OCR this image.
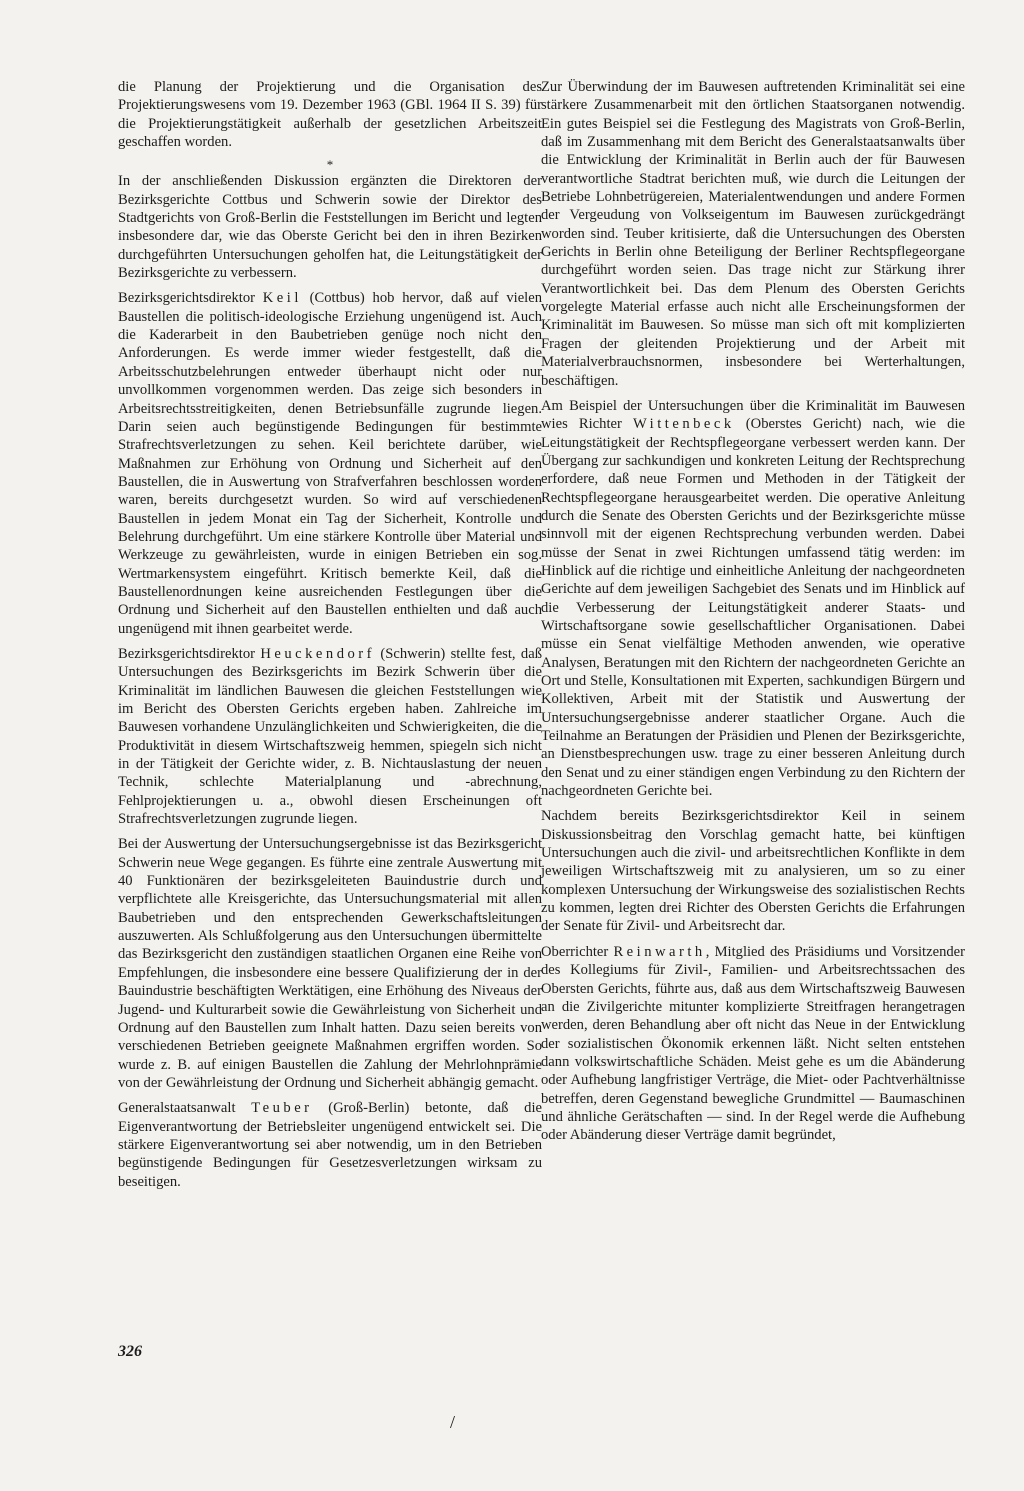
die Planung der Projektierung und die Organisation des Projektierungswesens vom 19. Dezember 1963 (GBl. 1964 II S. 39) für die Projektierungstätigkeit außerhalb der gesetzlichen Arbeitszeit geschaffen worden.

*

In der anschließenden Diskussion ergänzten die Direktoren der Bezirksgerichte Cottbus und Schwerin sowie der Direktor des Stadtgerichts von Groß-Berlin die Feststellungen im Bericht und legten insbesondere dar, wie das Oberste Gericht bei den in ihren Bezirken durchgeführten Untersuchungen geholfen hat, die Leitungstätigkeit der Bezirksgerichte zu verbessern.

Bezirksgerichtsdirektor Keil (Cottbus) hob hervor, daß auf vielen Baustellen die politisch-ideologische Erziehung ungenügend ist. Auch die Kaderarbeit in den Baubetrieben genüge noch nicht den Anforderungen. Es werde immer wieder festgestellt, daß die Arbeitsschutzbelehrungen entweder überhaupt nicht oder nur unvollkommen vorgenommen werden. Das zeige sich besonders in Arbeitsrechtsstreitigkeiten, denen Betriebsunfälle zugrunde liegen. Darin seien auch begünstigende Bedingungen für bestimmte Strafrechtsverletzungen zu sehen. Keil berichtete darüber, wie Maßnahmen zur Erhöhung von Ordnung und Sicherheit auf den Baustellen, die in Auswertung von Strafverfahren beschlossen worden waren, bereits durchgesetzt wurden. So wird auf verschiedenen Baustellen in jedem Monat ein Tag der Sicherheit, Kontrolle und Belehrung durchgeführt. Um eine stärkere Kontrolle über Material und Werkzeuge zu gewährleisten, wurde in einigen Betrieben ein sog. Wertmarkensystem eingeführt. Kritisch bemerkte Keil, daß die Baustellenordnungen keine ausreichenden Festlegungen über die Ordnung und Sicherheit auf den Baustellen enthielten und daß auch ungenügend mit ihnen gearbeitet werde.

Bezirksgerichtsdirektor Heuckendorf (Schwerin) stellte fest, daß Untersuchungen des Bezirksgerichts im Bezirk Schwerin über die Kriminalität im ländlichen Bauwesen die gleichen Feststellungen wie im Bericht des Obersten Gerichts ergeben haben. Zahlreiche im Bauwesen vorhandene Unzulänglichkeiten und Schwierigkeiten, die die Produktivität in diesem Wirtschaftszweig hemmen, spiegeln sich nicht in der Tätigkeit der Gerichte wider, z. B. Nichtauslastung der neuen Technik, schlechte Materialplanung und -abrechnung, Fehlprojektierungen u. a., obwohl diesen Erscheinungen oft Strafrechtsverletzungen zugrunde liegen.

Bei der Auswertung der Untersuchungsergebnisse ist das Bezirksgericht Schwerin neue Wege gegangen. Es führte eine zentrale Auswertung mit 40 Funktionären der bezirksgeleiteten Bauindustrie durch und verpflichtete alle Kreisgerichte, das Untersuchungsmaterial mit allen Baubetrieben und den entsprechenden Gewerkschaftsleitungen auszuwerten. Als Schlußfolgerung aus den Untersuchungen übermittelte das Bezirksgericht den zuständigen staatlichen Organen eine Reihe von Empfehlungen, die insbesondere eine bessere Qualifizierung der in der Bauindustrie beschäftigten Werktätigen, eine Erhöhung des Niveaus der Jugend- und Kulturarbeit sowie die Gewährleistung von Sicherheit und Ordnung auf den Baustellen zum Inhalt hatten. Dazu seien bereits von verschiedenen Betrieben geeignete Maßnahmen ergriffen worden. So wurde z. B. auf einigen Baustellen die Zahlung der Mehrlohnprämie von der Gewährleistung der Ordnung und Sicherheit abhängig gemacht.

Generalstaatsanwalt Teuber (Groß-Berlin) betonte, daß die Eigenverantwortung der Betriebsleiter ungenügend entwickelt sei. Die stärkere Eigenverantwortung sei aber notwendig, um in den Betrieben begünstigende Bedingungen für Gesetzesverletzungen wirksam zu beseitigen.

Zur Überwindung der im Bauwesen auftretenden Kriminalität sei eine stärkere Zusammenarbeit mit den örtlichen Staatsorganen notwendig. Ein gutes Beispiel sei die Festlegung des Magistrats von Groß-Berlin, daß im Zusammenhang mit dem Bericht des Generalstaatsanwalts über die Entwicklung der Kriminalität in Berlin auch der für Bauwesen verantwortliche Stadtrat berichten muß, wie durch die Leitungen der Betriebe Lohnbetrügereien, Materialentwendungen und andere Formen der Vergeudung von Volkseigentum im Bauwesen zurückgedrängt worden sind. Teuber kritisierte, daß die Untersuchungen des Obersten Gerichts in Berlin ohne Beteiligung der Berliner Rechtspflegeorgane durchgeführt worden seien. Das trage nicht zur Stärkung ihrer Verantwortlichkeit bei. Das dem Plenum des Obersten Gerichts vorgelegte Material erfasse auch nicht alle Erscheinungsformen der Kriminalität im Bauwesen. So müsse man sich oft mit komplizierten Fragen der gleitenden Projektierung und der Arbeit mit Materialverbrauchsnormen, insbesondere bei Werterhaltungen, beschäftigen.

Am Beispiel der Untersuchungen über die Kriminalität im Bauwesen wies Richter Wittenbeck (Oberstes Gericht) nach, wie die Leitungstätigkeit der Rechtspflegeorgane verbessert werden kann. Der Übergang zur sachkundigen und konkreten Leitung der Rechtsprechung erfordere, daß neue Formen und Methoden in der Tätigkeit der Rechtspflegeorgane herausgearbeitet werden. Die operative Anleitung durch die Senate des Obersten Gerichts und der Bezirksgerichte müsse sinnvoll mit der eigenen Rechtsprechung verbunden werden. Dabei müsse der Senat in zwei Richtungen umfassend tätig werden: im Hinblick auf die richtige und einheitliche Anleitung der nachgeordneten Gerichte auf dem jeweiligen Sachgebiet des Senats und im Hinblick auf die Verbesserung der Leitungstätigkeit anderer Staats- und Wirtschaftsorgane sowie gesellschaftlicher Organisationen. Dabei müsse ein Senat vielfältige Methoden anwenden, wie operative Analysen, Beratungen mit den Richtern der nachgeordneten Gerichte an Ort und Stelle, Konsultationen mit Experten, sachkundigen Bürgern und Kollektiven, Arbeit mit der Statistik und Auswertung der Untersuchungsergebnisse anderer staatlicher Organe. Auch die Teilnahme an Beratungen der Präsidien und Plenen der Bezirksgerichte, an Dienstbesprechungen usw. trage zu einer besseren Anleitung durch den Senat und zu einer ständigen engen Verbindung zu den Richtern der nachgeordneten Gerichte bei.

Nachdem bereits Bezirksgerichtsdirektor Keil in seinem Diskussionsbeitrag den Vorschlag gemacht hatte, bei künftigen Untersuchungen auch die zivil- und arbeitsrechtlichen Konflikte in dem jeweiligen Wirtschaftszweig mit zu analysieren, um so zu einer komplexen Untersuchung der Wirkungsweise des sozialistischen Rechts zu kommen, legten drei Richter des Obersten Gerichts die Erfahrungen der Senate für Zivil- und Arbeitsrecht dar.

Oberrichter Reinwarth, Mitglied des Präsidiums und Vorsitzender des Kollegiums für Zivil-, Familien- und Arbeitsrechtssachen des Obersten Gerichts, führte aus, daß aus dem Wirtschaftszweig Bauwesen an die Zivilgerichte mitunter komplizierte Streitfragen herangetragen werden, deren Behandlung aber oft nicht das Neue in der Entwicklung der sozialistischen Ökonomik erkennen läßt. Nicht selten entstehen dann volkswirtschaftliche Schäden. Meist gehe es um die Abänderung oder Aufhebung langfristiger Verträge, die Miet- oder Pachtverhältnisse betreffen, deren Gegenstand bewegliche Grundmittel — Baumaschinen und ähnliche Gerätschaften — sind. In der Regel werde die Aufhebung oder Abänderung dieser Verträge damit begründet,

326
/
